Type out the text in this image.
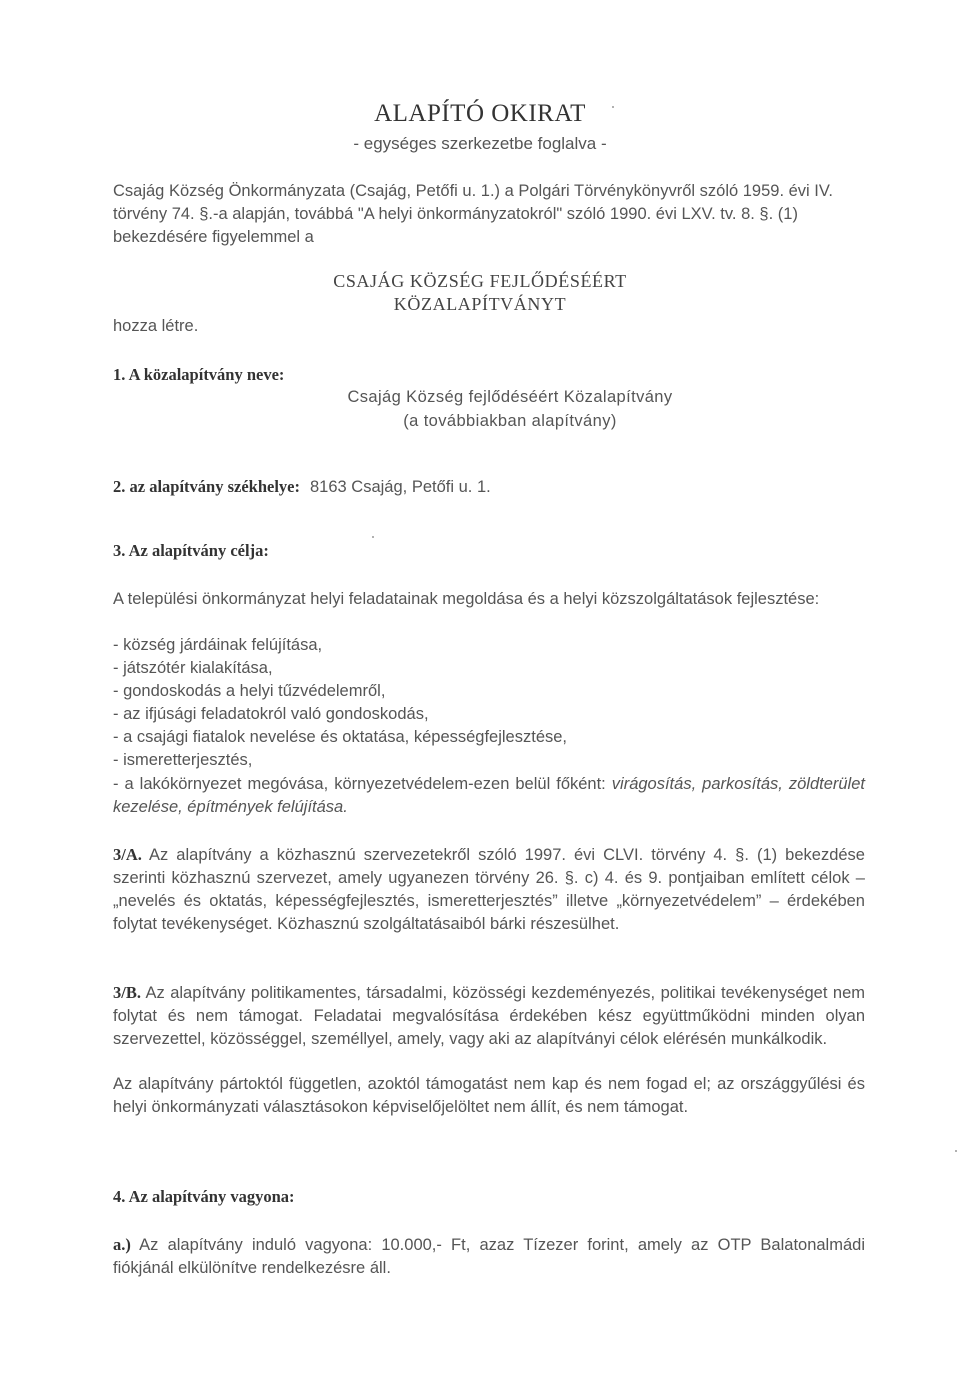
ALAPÍTÓ OKIRAT
- egységes szerkezetbe foglalva -

Csajág Község Önkormányzata (Csajág, Petőfi u. 1.) a Polgári Törvénykönyvről szóló 1959. évi IV. törvény 74. §.-a alapján, továbbá "A helyi önkormányzatokról" szóló 1990. évi LXV. tv. 8. §. (1) bekezdésére figyelemmel a

CSAJÁG KÖZSÉG FEJLŐDÉSÉÉRT
KÖZALAPÍTVÁNYT
hozza létre.
1. A közalapítvány neve:
Csajág Község fejlődéséért Közalapítvány
(a továbbiakban alapítvány)
2. az alapítvány székhelye: 8163 Csajág, Petőfi u. 1.
3. Az alapítvány célja:

A települési önkormányzat helyi feladatainak megoldása és a helyi közszolgáltatások fejlesztése:

- község járdáinak felújítása,
- játszótér kialakítása,
- gondoskodás a helyi tűzvédelemről,
- az ifjúsági feladatokról való gondoskodás,
- a csajági fiatalok nevelése és oktatása, képességfejlesztése,
- ismeretterjesztés,

- a lakókörnyezet megóvása, környezetvédelem-ezen belül főként: virágosítás, parkosítás, zöldterület kezelése, építmények felújítása.

3/A. Az alapítvány a közhasznú szervezetekről szóló 1997. évi CLVI. törvény 4. §. (1) bekezdése szerinti közhasznú szervezet, amely ugyanezen törvény 26. §. c) 4. és 9. pontjaiban említett célok – „nevelés és oktatás, képességfejlesztés, ismeretterjesztés” illetve „környezetvédelem” – érdekében folytat tevékenységet. Közhasznú szolgáltatásaiból bárki részesülhet.

3/B. Az alapítvány politikamentes, társadalmi, közösségi kezdeményezés, politikai tevékenységet nem folytat és nem támogat. Feladatai megvalósítása érdekében kész együttműködni minden olyan szervezettel, közösséggel, személlyel, amely, vagy aki az alapítványi célok elérésén munkálkodik.

Az alapítvány pártoktól független, azoktól támogatást nem kap és nem fogad el; az országgyűlési és helyi önkormányzati választásokon képviselőjelöltet nem állít, és nem támogat.

4. Az alapítvány vagyona:

a.) Az alapítvány induló vagyona: 10.000,- Ft, azaz Tízezer forint, amely az OTP Balatonalmádi fiókjánál elkülönítve rendelkezésre áll.
